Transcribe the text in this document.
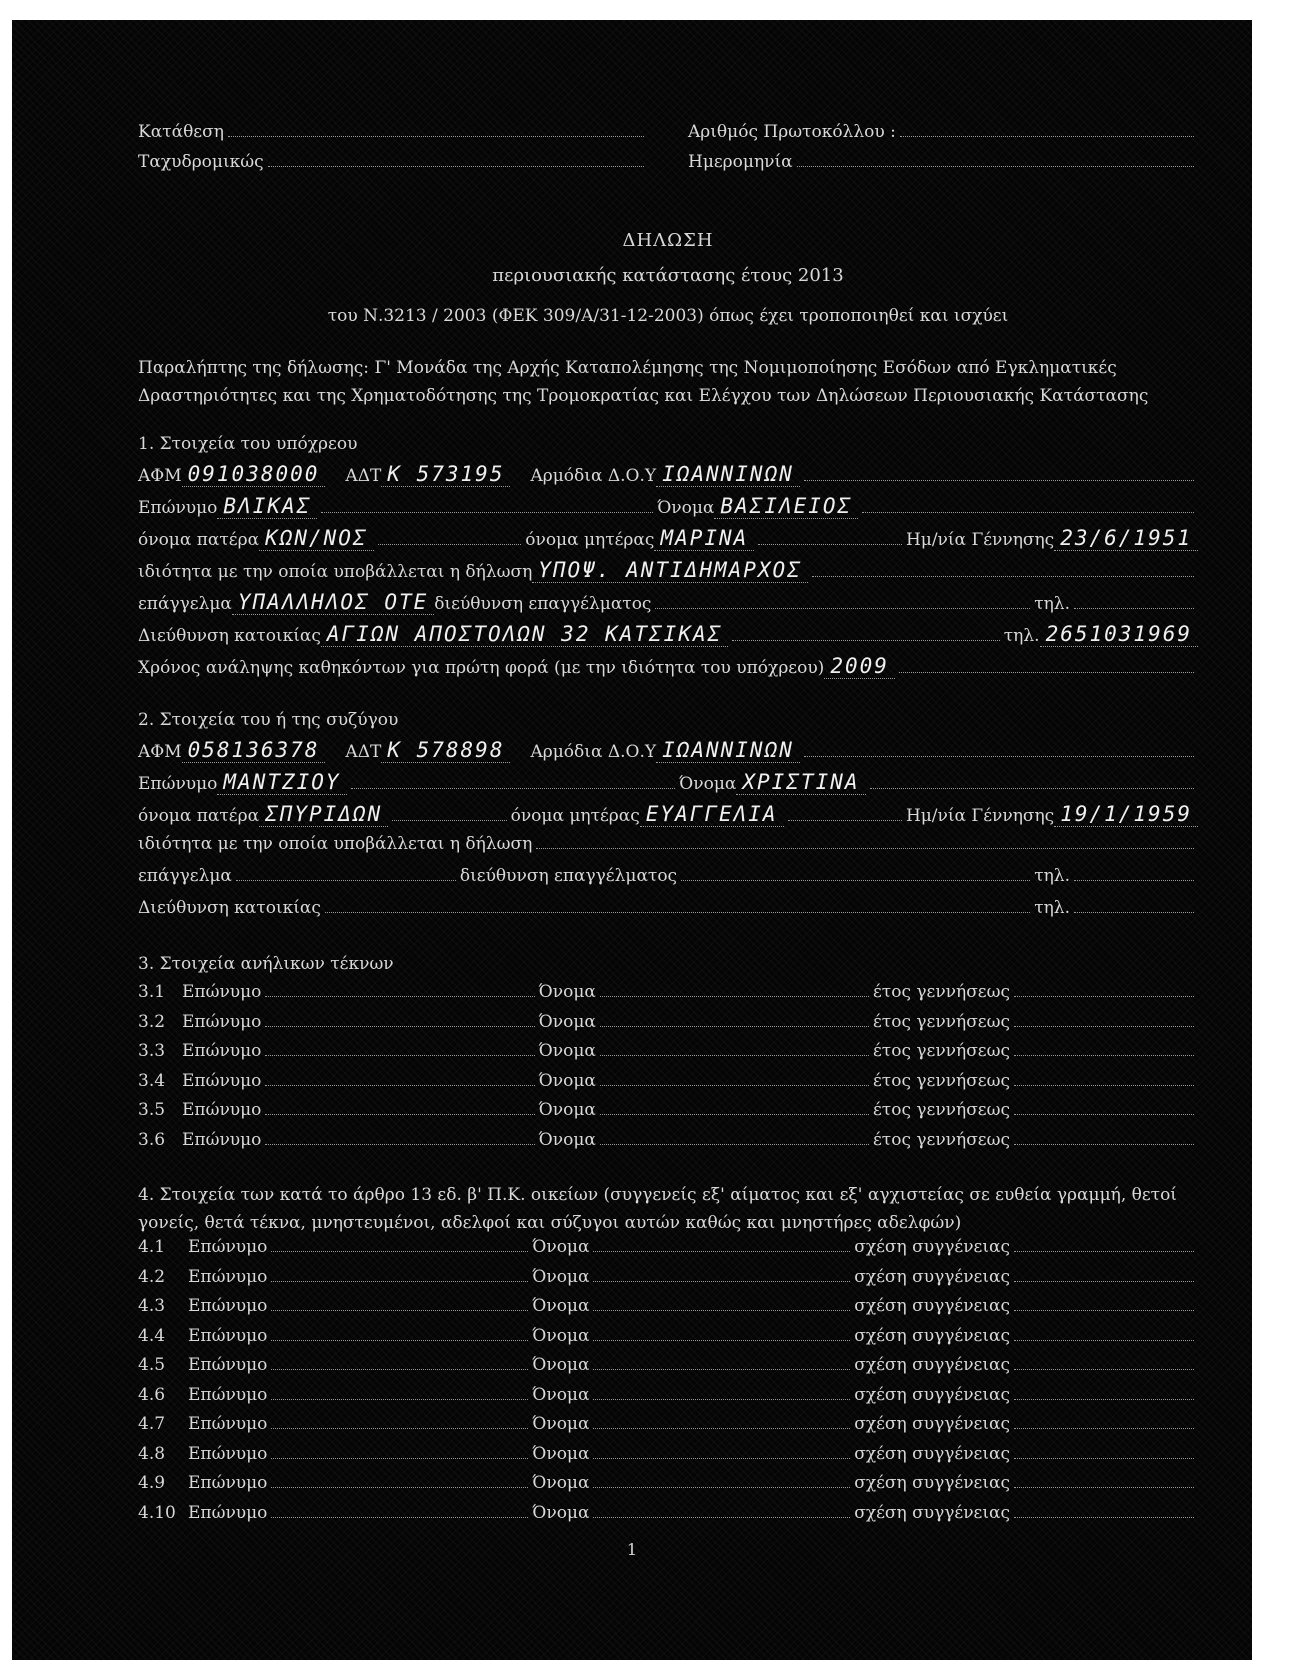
Κατάθεση	Αριθμός Πρωτοκόλλου :
Ταχυδρομικώς	Ημερομηνία
ΔΗΛΩΣΗ
περιουσιακής κατάστασης έτους 2013
του Ν.3213 / 2003 (ΦΕΚ 309/Α/31-12-2003) όπως έχει τροποποιηθεί και ισχύει
Παραλήπτης της δήλωσης: Γ' Μονάδα της Αρχής Καταπολέμησης της Νομιμοποίησης Εσόδων από Εγκληματικές Δραστηριότητες και της Χρηματοδότησης της Τρομοκρατίας και Ελέγχου των Δηλώσεων Περιουσιακής Κατάστασης
1. Στοιχεία του υπόχρεου
ΑΦΜ 091038000	ΑΔΤ Κ 573195	Αρμόδια Δ.Ο.Υ ΙΩΑΝΝΙΝΩΝ
Επώνυμο ΒΛΙΚΑΣ	Όνομα ΒΑΣΙΛΕΙΟΣ
όνομα πατέρα ΚΩΝ/ΝΟΣ	όνομα μητέρας ΜΑΡΙΝΑ	Ημ/νία Γέννησης 23/6/1951
ιδιότητα με την οποία υποβάλλεται η δήλωση ΥΠΟΨ. ΑΝΤΙΔΗΜΑΡΧΟΣ
επάγγελμα ΥΠΑΛΛΗΛΟΣ ΟΤΕ διεύθυνση επαγγέλματος	τηλ.
Διεύθυνση κατοικίας ΑΓΙΩΝ ΑΠΟΣΤΟΛΩΝ 32 ΚΑΤΣΙΚΑΣ	τηλ. 2651031969
Χρόνος ανάληψης καθηκόντων για πρώτη φορά (με την ιδιότητα του υπόχρεου) 2009
2. Στοιχεία του ή της συζύγου
ΑΦΜ 058136378	ΑΔΤ Κ 578898	Αρμόδια Δ.Ο.Υ ΙΩΑΝΝΙΝΩΝ
Επώνυμο ΜΑΝΤΖΙΟΥ	Όνομα ΧΡΙΣΤΙΝΑ
όνομα πατέρα ΣΠΥΡΙΔΩΝ	όνομα μητέρας ΕΥΑΓΓΕΛΙΑ	Ημ/νία Γέννησης 19/1/1959
ιδιότητα με την οποία υποβάλλεται η δήλωση
επάγγελμα	διεύθυνση επαγγέλματος	τηλ.
Διεύθυνση κατοικίας	τηλ.
3. Στοιχεία ανήλικων τέκνων
3.1 Επώνυμο	Όνομα	έτος γεννήσεως
3.2 Επώνυμο	Όνομα	έτος γεννήσεως
3.3 Επώνυμο	Όνομα	έτος γεννήσεως
3.4 Επώνυμο	Όνομα	έτος γεννήσεως
3.5 Επώνυμο	Όνομα	έτος γεννήσεως
3.6 Επώνυμο	Όνομα	έτος γεννήσεως
4. Στοιχεία των κατά το άρθρο 13 εδ. β' Π.Κ. οικείων (συγγενείς εξ' αίματος και εξ' αγχιστείας σε ευθεία γραμμή, θετοί γονείς, θετά τέκνα, μνηστευμένοι, αδελφοί και σύζυγοι αυτών καθώς και μνηστήρες αδελφών)
4.1	Επώνυμο	Όνομα	σχέση συγγένειας
4.2	Επώνυμο	Όνομα	σχέση συγγένειας
4.3	Επώνυμο	Όνομα	σχέση συγγένειας
4.4	Επώνυμο	Όνομα	σχέση συγγένειας
4.5	Επώνυμο	Όνομα	σχέση συγγένειας
4.6	Επώνυμο	Όνομα	σχέση συγγένειας
4.7	Επώνυμο	Όνομα	σχέση συγγένειας
4.8	Επώνυμο	Όνομα	σχέση συγγένειας
4.9	Επώνυμο	Όνομα	σχέση συγγένειας
4.10 Επώνυμο	Όνομα	σχέση συγγένειας
1
